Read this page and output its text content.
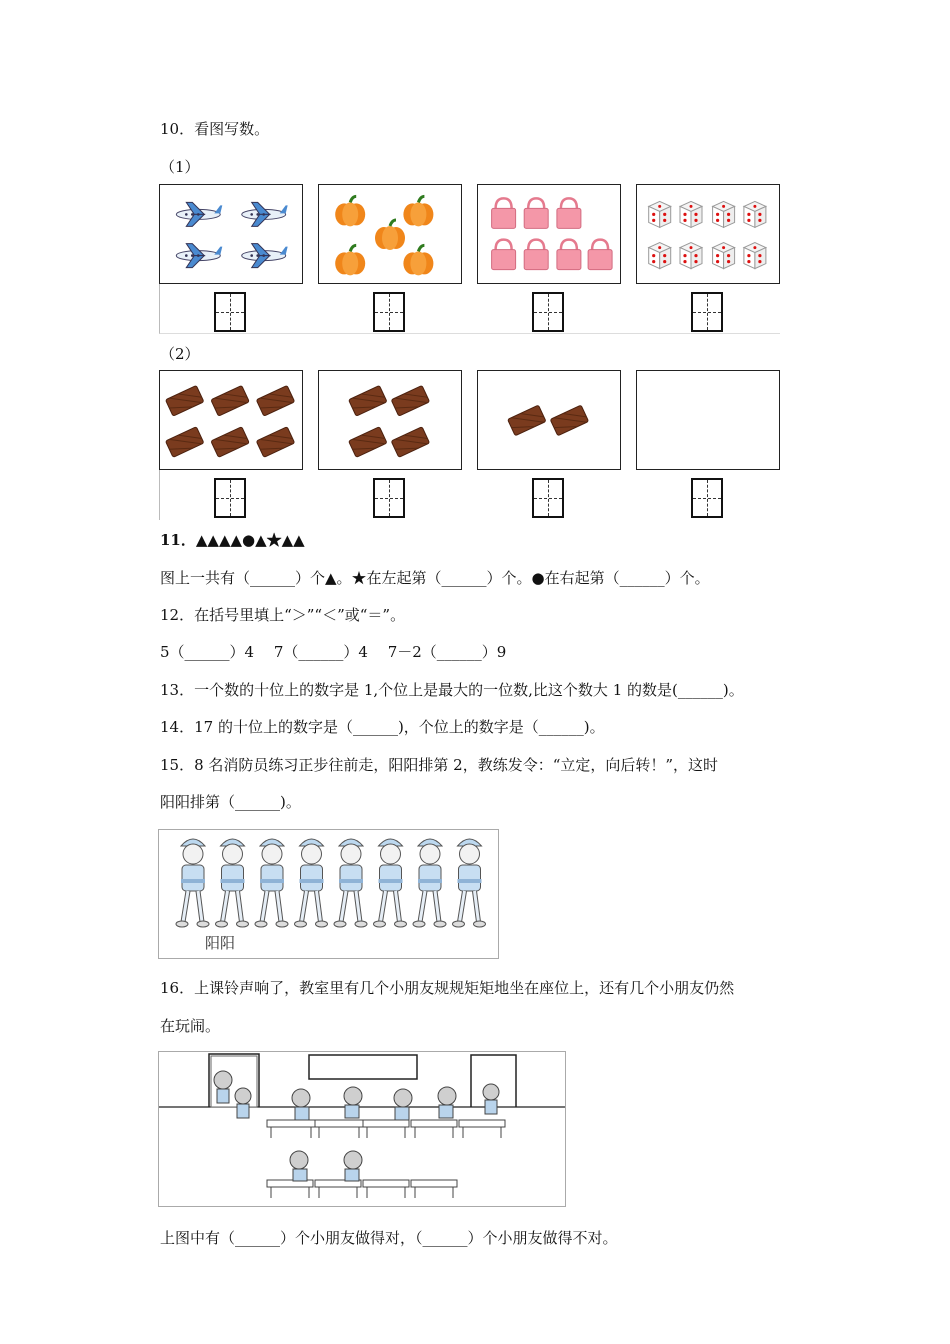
10．看图写数。
（1）
（2）
11．▲▲▲▲●▲★▲▲
图上一共有（______）个▲。★在左起第（______）个。●在右起第（______）个。
12．在括号里填上“＞”“＜”或“＝”。
5（______）4　 7（______）4　 7－2（______）9
13．一个数的十位上的数字是 1,个位上是最大的一位数,比这个数大 1 的数是(______)。
14．17 的十位上的数字是（______)，个位上的数字是（______)。
15．8 名消防员练习正步往前走，阳阳排第 2，教练发令：“立定，向后转！”，这时
阳阳排第（______)。
阳阳
16．上课铃声响了，教室里有几个小朋友规规矩矩地坐在座位上，还有几个小朋友仍然
在玩闹。
上图中有（______）个小朋友做得对，（______）个小朋友做得不对。
